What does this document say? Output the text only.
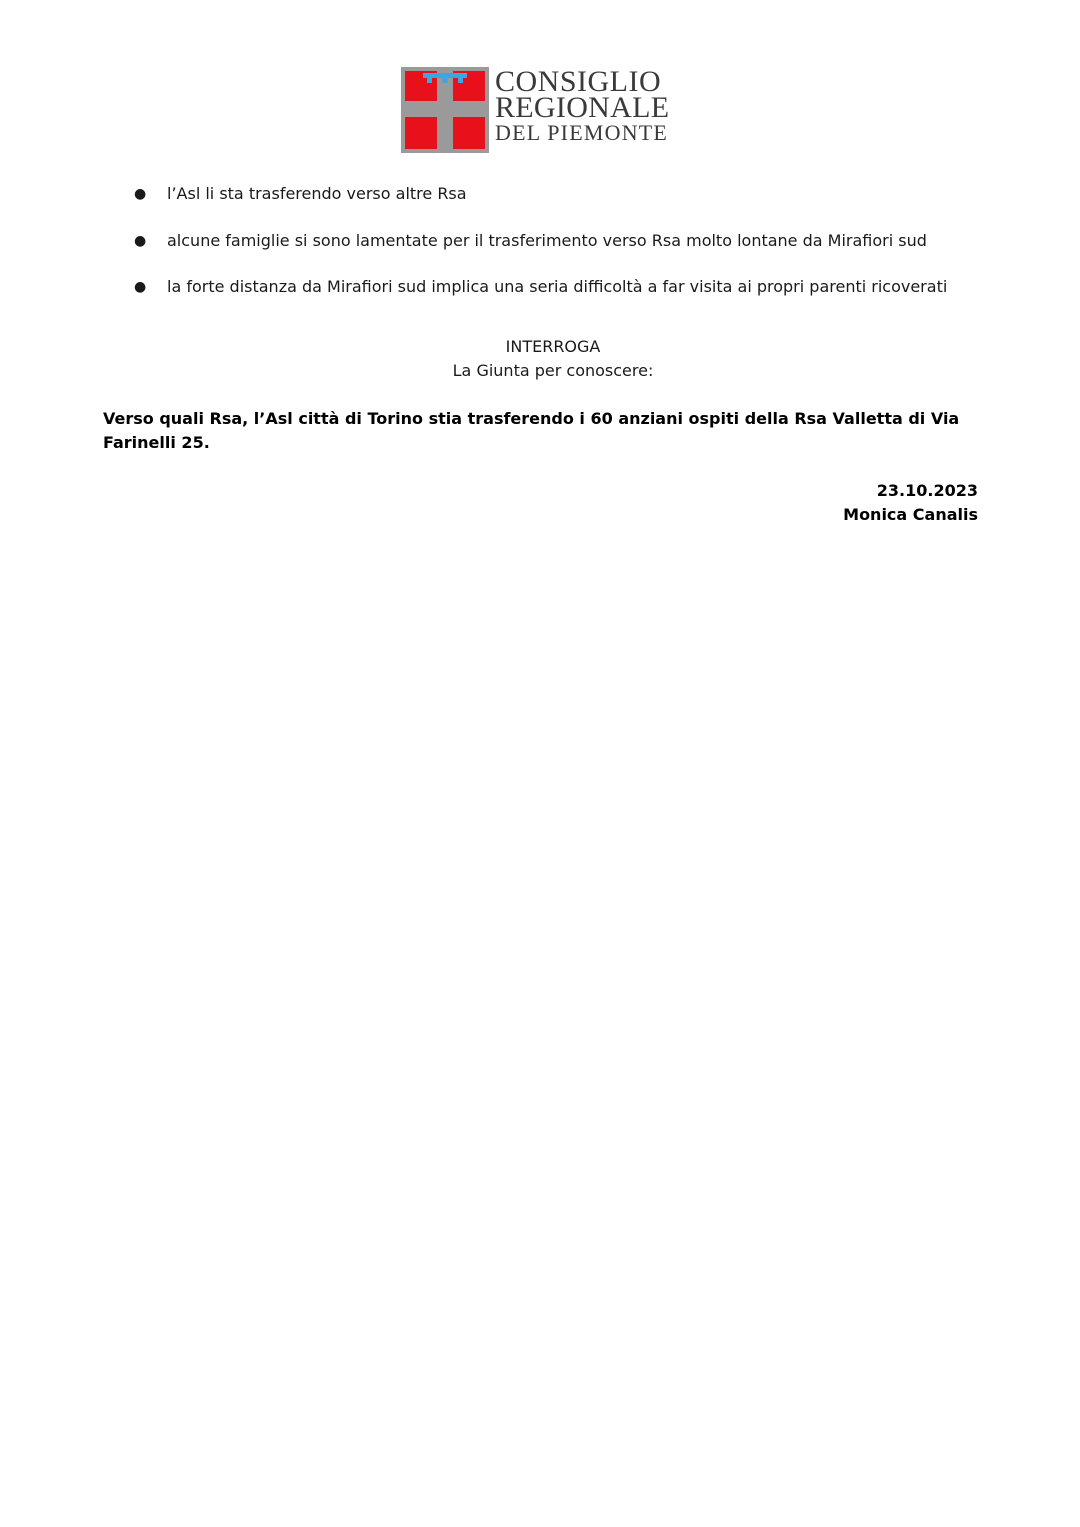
CONSIGLIO
REGIONALE
DEL PIEMONTE
● l’Asl li sta trasferendo verso altre Rsa
● alcune famiglie si sono lamentate per il trasferimento verso Rsa molto lontane da Mirafiori sud
● la forte distanza da Mirafiori sud implica una seria difficoltà a far visita ai propri parenti ricoverati
INTERROGA
La Giunta per conoscere:
Verso quali Rsa, l’Asl città di Torino stia trasferendo i 60 anziani ospiti della Rsa Valletta di Via Farinelli 25.
23.10.2023
Monica Canalis
